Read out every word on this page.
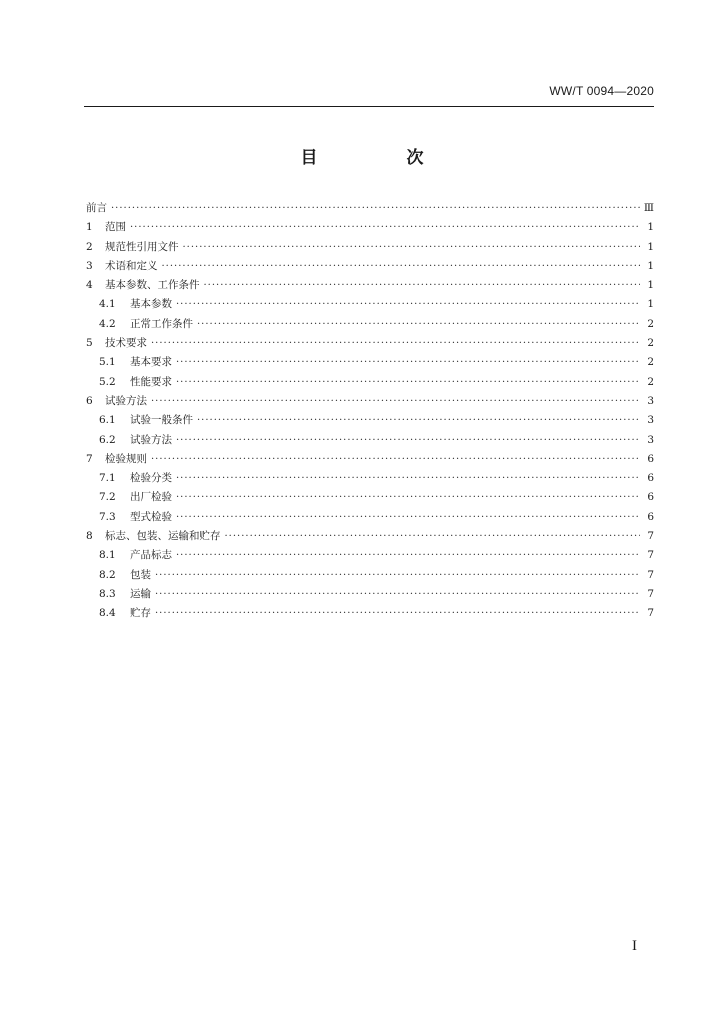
WW/T 0094—2020
目　次
前言 ·····	Ⅲ
1	范围 ·····	1
2	规范性引用文件 ·····	1
3	术语和定义 ·····	1
4	基本参数、工作条件 ·····	1
4.1	基本参数 ·····	1
4.2	正常工作条件 ·····	2
5	技术要求 ·····	2
5.1	基本要求 ·····	2
5.2	性能要求 ·····	2
6	试验方法 ·····	3
6.1	试验一般条件 ·····	3
6.2	试验方法 ·····	3
7	检验规则 ·····	6
7.1	检验分类 ·····	6
7.2	出厂检验 ·····	6
7.3	型式检验 ·····	6
8	标志、包装、运输和贮存 ·····	7
8.1	产品标志 ·····	7
8.2	包装 ·····	7
8.3	运输 ·····	7
8.4	贮存 ·····	7
I
